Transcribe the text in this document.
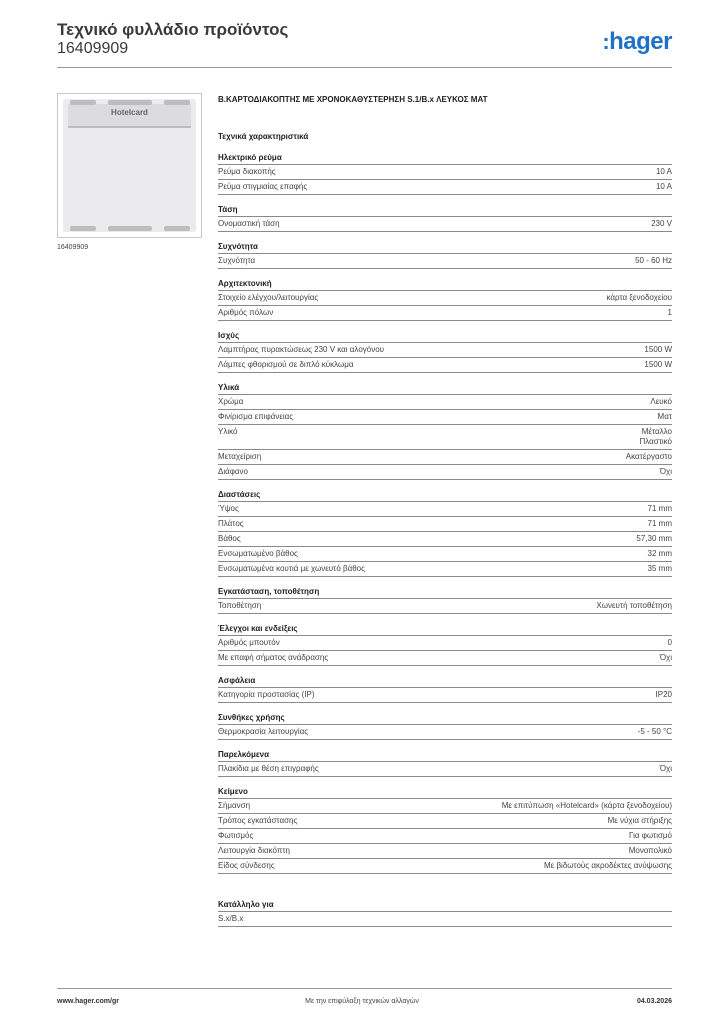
Τεχνικό φυλλάδιο προϊόντος
16409909	:hager
Hotelcard
16409909
Β.ΚΑΡΤΟΔΙΑΚΟΠΤΗΣ ΜΕ ΧΡΟΝΟΚΑΘΥΣΤΕΡΗΣΗ S.1/B.x ΛΕΥΚΟΣ ΜΑΤ
Τεχνικά χαρακτηριστικά
Ηλεκτρικό ρεύμα
Ρεύμα διακοπής	10 A
Ρεύμα στιγμιαίας επαφής	10 A
Τάση
Ονομαστική τάση	230 V
Συχνότητα
Συχνότητα	50 - 60 Hz
Αρχιτεκτονική
Στοιχείο ελέγχου/λειτουργίας	κάρτα ξενοδοχείου
Αριθμός πόλων	1
Ισχύς
Λαμπτήρας πυρακτώσεως 230 V και αλογόνου	1500 W
Λάμπες φθορισμού σε διπλό κύκλωμα	1500 W
Υλικά
Χρώμα	Λευκό
Φινίρισμα επιφάνειας	Ματ
Υλικό	Μέταλλο
Πλαστικό
Μεταχείριση	Ακατέργαστο
Διάφανο	Όχι
Διαστάσεις
Ύψος	71 mm
Πλάτος	71 mm
Βάθος	57,30 mm
Ενσωματωμένο βάθος	32 mm
Ενσωματωμένα κουτιά με χωνευτό βάθος	35 mm
Εγκατάσταση, τοποθέτηση
Τοποθέτηση	Χωνευτή τοποθέτηση
Έλεγχοι και ενδείξεις
Αριθμός μπουτόν	0
Με επαφή σήματος ανάδρασης	Όχι
Ασφάλεια
Κατηγορία προστασίας (IP)	IP20
Συνθήκες χρήσης
Θερμοκρασία λειτουργίας	-5 - 50 °C
Παρελκόμενα
Πλακίδια με θέση επιγραφής	Όχι
Κείμενο
Σήμανση	Με επιτύπωση «Hotelcard» (κάρτα ξενοδοχείου)
Τρόπος εγκατάστασης	Με νύχια στήριξης
Φωτισμός	Για φωτισμό
Λειτουργία διακόπτη	Μονοπολικό
Είδος σύνδεσης	Με βιδωτούς ακροδέκτες ανύψωσης
Κατάλληλο για
S.x/B.x
www.hager.com/gr	Με την επιφύλαξη τεχνικών αλλαγών	04.03.2026
